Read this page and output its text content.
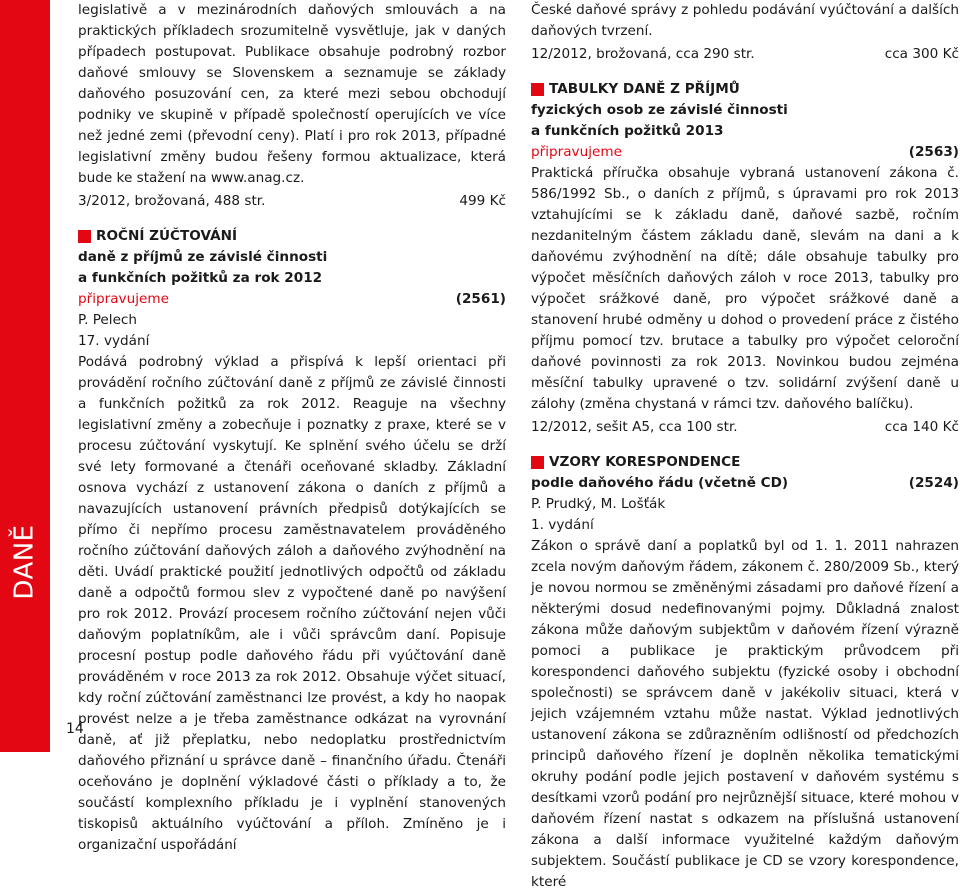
DANĚ
14

legislativě a v mezinárodních daňových smlouvách a na praktických příkladech srozumitelně vysvětluje, jak v daných případech postupovat. Publikace obsahuje podrobný rozbor daňové smlouvy se Slovenskem a seznamuje se základy daňového posuzování cen, za které mezi sebou obchodují podniky ve skupině v případě společností operujících ve více než jedné zemi (převodní ceny). Platí i pro rok 2013, případné legislativní změny budou řešeny formou aktualizace, která bude ke stažení na www.anag.cz.

3/2012, brožovaná, 488 str.	499 Kč
ROČNÍ ZÚČTOVÁNÍ
daně z příjmů ze závislé činnosti
a funkčních požitků za rok 2012
připravujeme	(2561)
P. Pelech
17. vydání

Podává podrobný výklad a přispívá k lepší orientaci při provádění ročního zúčtování daně z příjmů ze závislé činnosti a funkčních požitků za rok 2012. Reaguje na všechny legislativní změny a zobecňuje i poznatky z praxe, které se v procesu zúčtování vyskytují. Ke splnění svého účelu se drží své lety formované a čtenáři oceňované skladby. Základní osnova vychází z ustanovení zákona o daních z příjmů a navazujících ustanovení právních předpisů dotýkajících se přímo či nepřímo procesu zaměstnavatelem prováděného ročního zúčtování daňových záloh a daňového zvýhodnění na děti. Uvádí praktické použití jednotlivých odpočtů od základu daně a odpočtů formou slev z vypočtené daně po navýšení pro rok 2012. Provází procesem ročního zúčtování nejen vůči daňovým poplatníkům, ale i vůči správcům daní. Popisuje procesní postup podle daňového řádu při vyúčtování daně prováděném v roce 2013 za rok 2012. Obsahuje výčet situací, kdy roční zúčtování zaměstnanci lze provést, a kdy ho naopak provést nelze a je třeba zaměstnance odkázat na vyrovnání daně, ať již přeplatku, nebo nedoplatku prostřednictvím daňového přiznání u správce daně – finančního úřadu. Čtenáři oceňováno je doplnění výkladové části o příklady a to, že součástí komplexního příkladu je i vyplnění stanovených tiskopisů aktuálního vyúčtování a příloh. Zmíněno je i organizační uspořádání

České daňové správy z pohledu podávání vyúčtování a dalších daňových tvrzení.

12/2012, brožovaná, cca 290 str.	cca 300 Kč
TABULKY DANĚ Z PŘÍJMŮ
fyzických osob ze závislé činnosti
a funkčních požitků 2013
připravujeme	(2563)

Praktická příručka obsahuje vybraná ustanovení zákona č. 586/1992 Sb., o daních z příjmů, s úpravami pro rok 2013 vztahujícími se k základu daně, daňové sazbě, ročním nezdanitelným částem základu daně, slevám na dani a k daňovému zvýhodnění na dítě; dále obsahuje tabulky pro výpočet měsíčních daňových záloh v roce 2013, tabulky pro výpočet srážkové daně, pro výpočet srážkové daně a stanovení hrubé odměny u dohod o provedení práce z čistého příjmu pomocí tzv. brutace a tabulky pro výpočet celoroční daňové povinnosti za rok 2013. Novinkou budou zejména měsíční tabulky upravené o tzv. solidární zvýšení daně u zálohy (změna chystaná v rámci tzv. daňového balíčku).

12/2012, sešit A5, cca 100 str.	cca 140 Kč
VZORY KORESPONDENCE
podle daňového řádu (včetně CD)	(2524)
P. Prudký, M. Lošťák
1. vydání

Zákon o správě daní a poplatků byl od 1. 1. 2011 nahrazen zcela novým daňovým řádem, zákonem č. 280/2009 Sb., který je novou normou se změněnými zásadami pro daňové řízení a některými dosud nedefinovanými pojmy. Důkladná znalost zákona může daňovým subjektům v daňovém řízení výrazně pomoci a publikace je praktickým průvodcem při korespondenci daňového subjektu (fyzické osoby i obchodní společnosti) se správcem daně v jakékoliv situaci, která v jejich vzájemném vztahu může nastat. Výklad jednotlivých ustanovení zákona se zdůrazněním odlišností od předchozích principů daňového řízení je doplněn několika tematickými okruhy podání podle jejich postavení v daňovém systému s desítkami vzorů podání pro nejrůznější situace, které mohou v daňovém řízení nastat s odkazem na příslušná ustanovení zákona a další informace využitelné každým daňovým subjektem. Součástí publikace je CD se vzory korespondence, které
